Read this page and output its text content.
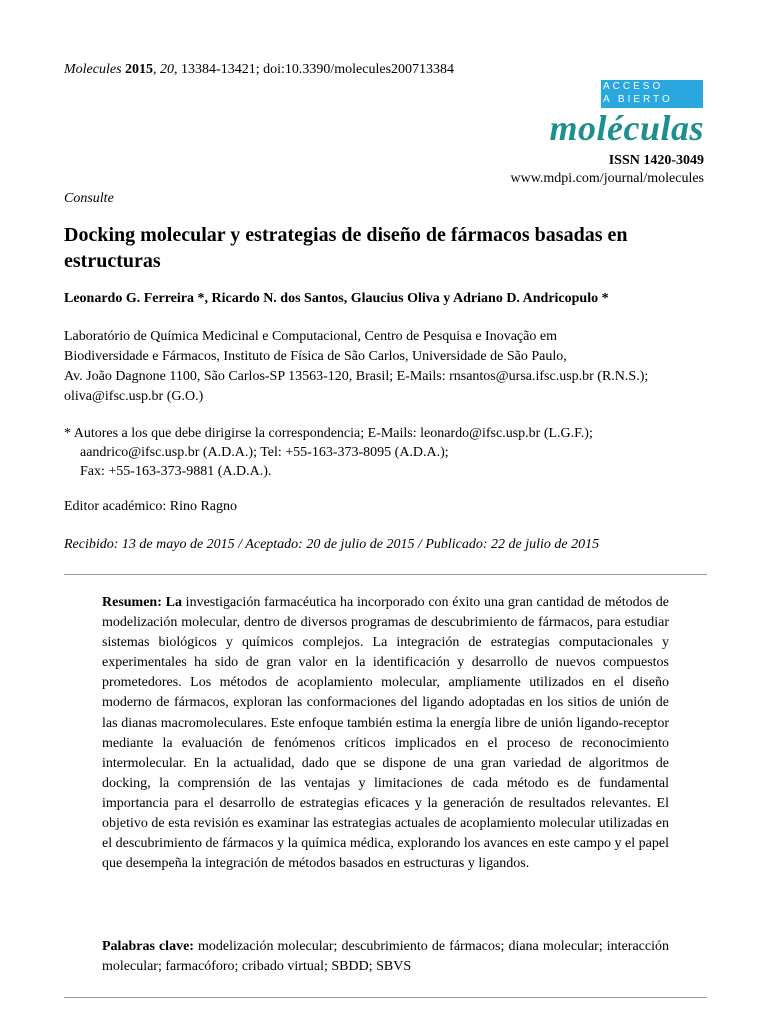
Molecules 2015, 20, 13384-13421; doi:10.3390/molecules200713384
ACCESO
A BIERTO
moléculas
ISSN 1420-3049
www.mdpi.com/journal/molecules
Consulte
Docking molecular y estrategias de diseño de fármacos basadas en estructuras
Leonardo G. Ferreira *, Ricardo N. dos Santos, Glaucius Oliva y Adriano D. Andricopulo *
Laboratório de Química Medicinal e Computacional, Centro de Pesquisa e Inovação em
Biodiversidade e Fármacos, Instituto de Física de São Carlos, Universidade de São Paulo,
Av. João Dagnone 1100, São Carlos-SP 13563-120, Brasil; E-Mails: rnsantos@ursa.ifsc.usp.br (R.N.S.);
oliva@ifsc.usp.br (G.O.)
* Autores a los que debe dirigirse la correspondencia; E-Mails: leonardo@ifsc.usp.br (L.G.F.);
aandrico@ifsc.usp.br (A.D.A.); Tel: +55-163-373-8095 (A.D.A.);
Fax: +55-163-373-9881 (A.D.A.).
Editor académico: Rino Ragno
Recibido: 13 de mayo de 2015 / Aceptado: 20 de julio de 2015 / Publicado: 22 de julio de 2015
Resumen: La investigación farmacéutica ha incorporado con éxito una gran cantidad de métodos de modelización molecular, dentro de diversos programas de descubrimiento de fármacos, para estudiar sistemas biológicos y químicos complejos. La integración de estrategias computacionales y experimentales ha sido de gran valor en la identificación y desarrollo de nuevos compuestos prometedores. Los métodos de acoplamiento molecular, ampliamente utilizados en el diseño moderno de fármacos, exploran las conformaciones del ligando adoptadas en los sitios de unión de las dianas macromoleculares. Este enfoque también estima la energía libre de unión ligando-receptor mediante la evaluación de fenómenos críticos implicados en el proceso de reconocimiento intermolecular. En la actualidad, dado que se dispone de una gran variedad de algoritmos de docking, la comprensión de las ventajas y limitaciones de cada método es de fundamental importancia para el desarrollo de estrategias eficaces y la generación de resultados relevantes. El objetivo de esta revisión es examinar las estrategias actuales de acoplamiento molecular utilizadas en el descubrimiento de fármacos y la química médica, explorando los avances en este campo y el papel que desempeña la integración de métodos basados en estructuras y ligandos.
Palabras clave: modelización molecular; descubrimiento de fármacos; diana molecular; interacción molecular; farmacóforo; cribado virtual; SBDD; SBVS
